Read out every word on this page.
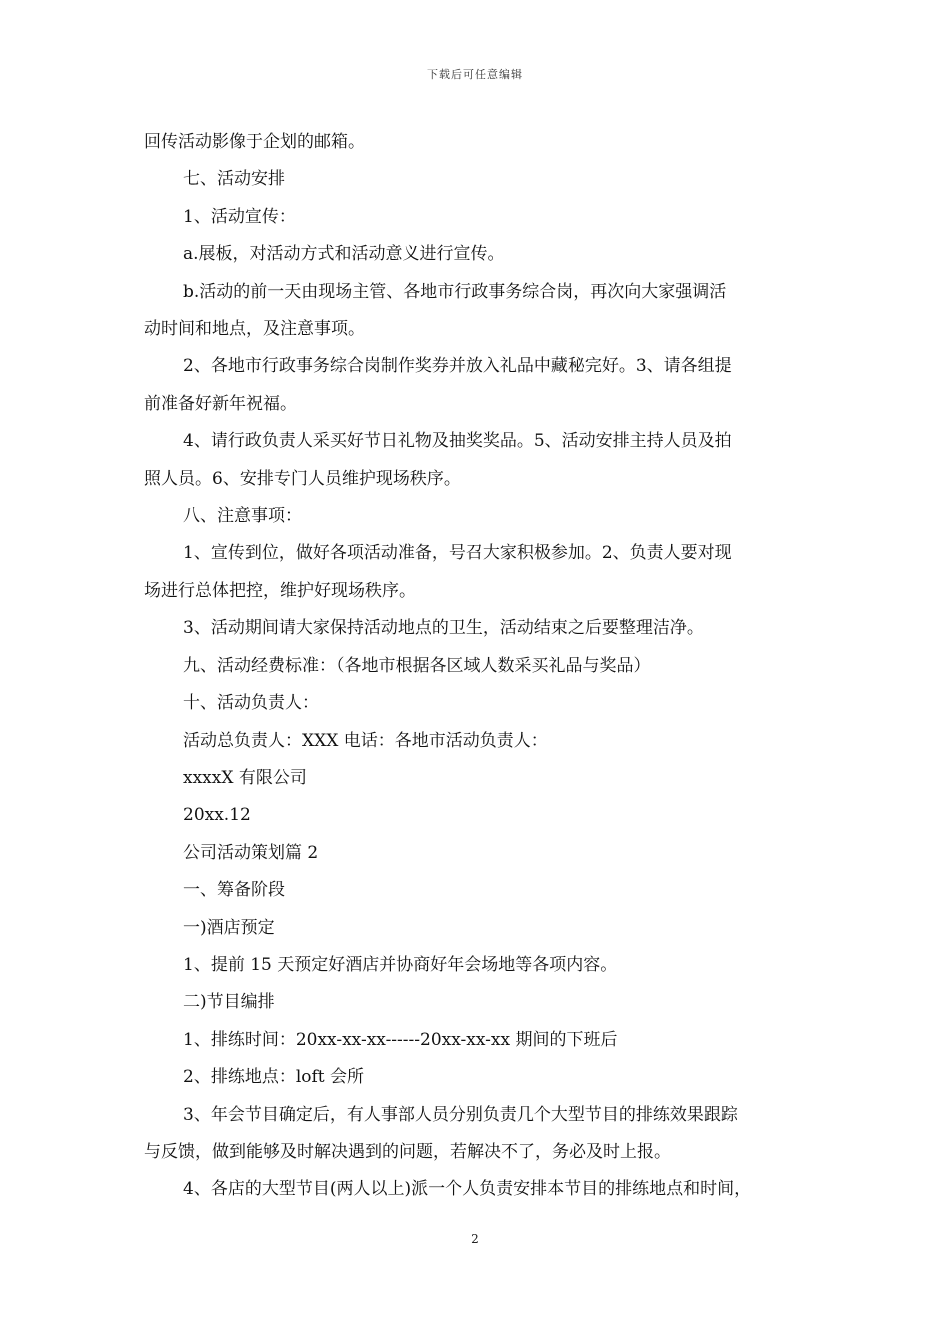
下载后可任意编辑

回传活动影像于企划的邮箱。

七、活动安排

1、活动宣传：

a.展板，对活动方式和活动意义进行宣传。

b.活动的前一天由现场主管、各地市行政事务综合岗，再次向大家强调活

动时间和地点，及注意事项。

2、各地市行政事务综合岗制作奖券并放入礼品中藏秘完好。3、请各组提

前准备好新年祝福。

4、请行政负责人采买好节日礼物及抽奖奖品。5、活动安排主持人员及拍

照人员。6、安排专门人员维护现场秩序。

八、注意事项：

1、宣传到位，做好各项活动准备，号召大家积极参加。2、负责人要对现

场进行总体把控，维护好现场秩序。

3、活动期间请大家保持活动地点的卫生，活动结束之后要整理洁净。

九、活动经费标准：（各地市根据各区域人数采买礼品与奖品）

十、活动负责人：

活动总负责人：XXX 电话：各地市活动负责人：

xxxxX 有限公司

20xx.12

公司活动策划篇 2

一、筹备阶段

一)酒店预定

1、提前 15 天预定好酒店并协商好年会场地等各项内容。

二)节目编排

1、排练时间：20xx-xx-xx------20xx-xx-xx 期间的下班后

2、排练地点：loft 会所

3、年会节目确定后，有人事部人员分别负责几个大型节目的排练效果跟踪

与反馈，做到能够及时解决遇到的问题，若解决不了，务必及时上报。

4、各店的大型节目(两人以上)派一个人负责安排本节目的排练地点和时间，

2
